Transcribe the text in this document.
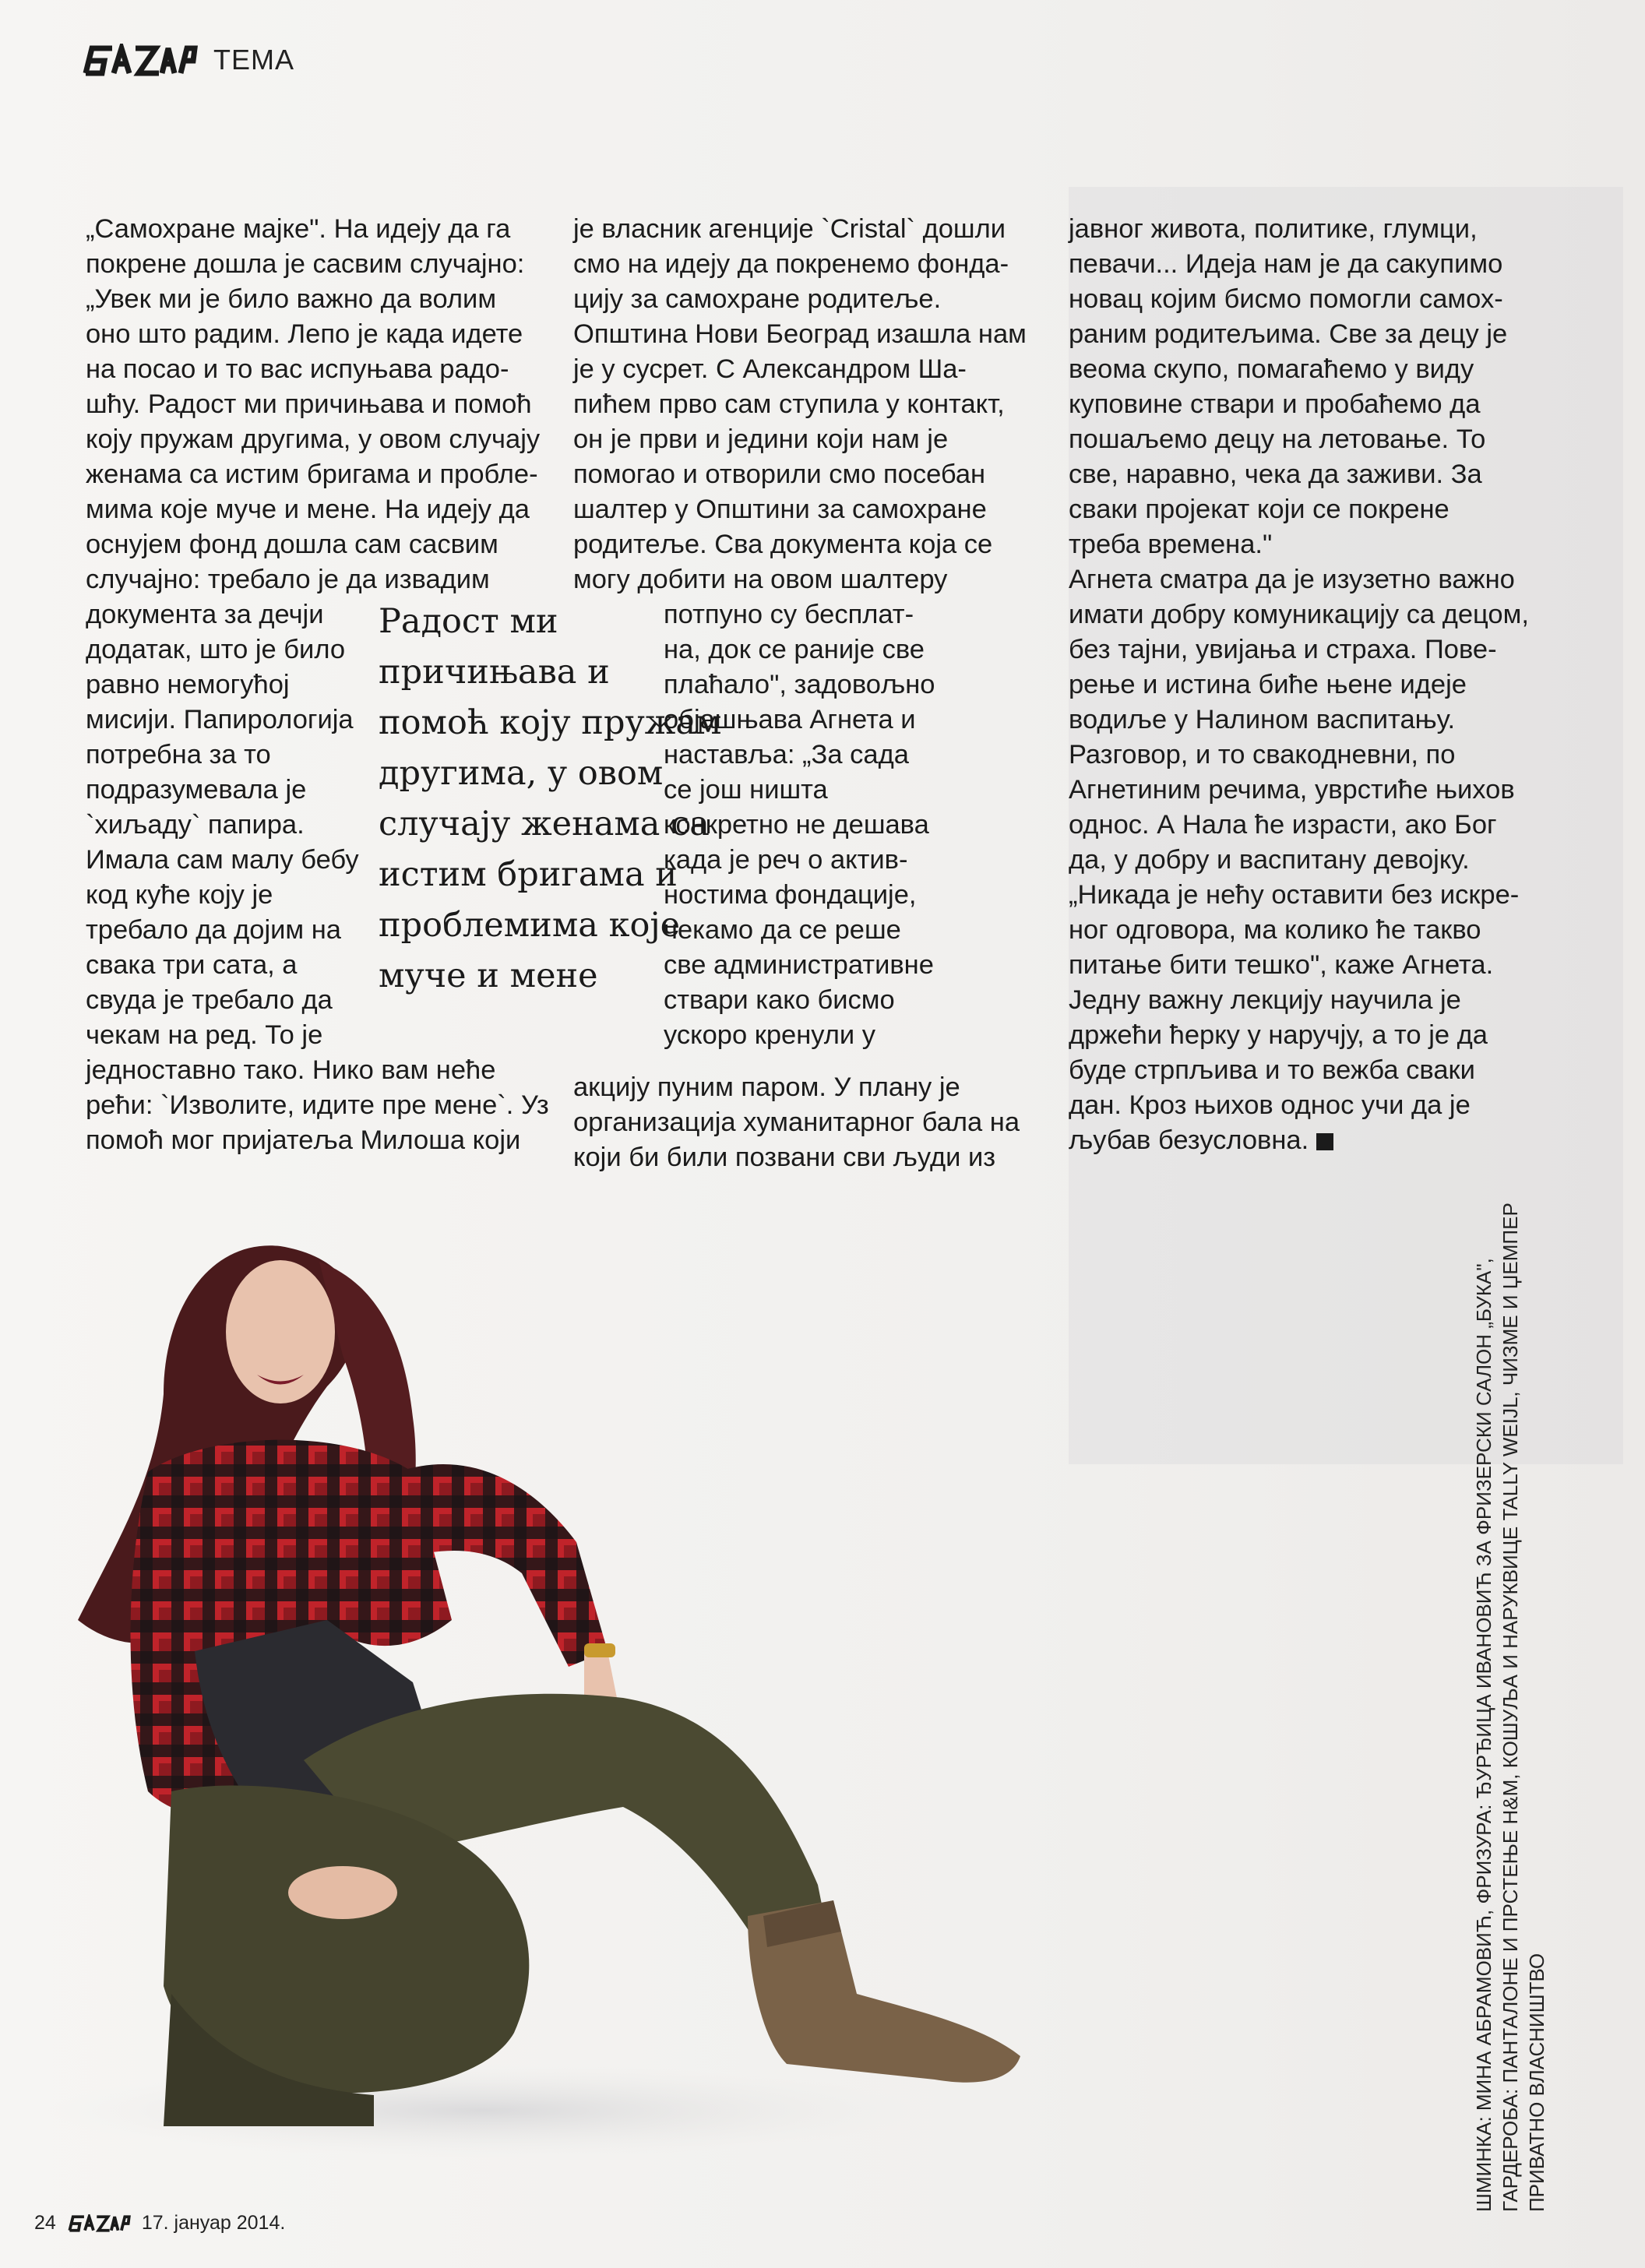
ТЕМА

„Самохране мајке". На идеју да га

покрене дошла је сасвим случајно:

„Увек ми је било важно да волим

оно што радим. Лепо је када идете

на посао и то вас испуњава радо-

шћу. Радост ми причињава и помоћ

коју пружам другима, у овом случају

женама са истим бригама и пробле-

мима које муче и мене. На идеју да

оснујем фонд дошла сам сасвим

случајно: требало је да извадим

документа за дечји

додатак, што је било

равно немогућој

мисији. Папирологија

потребна за то

подразумевала је

`хиљаду` папира.

Имала сам малу бебу

код куће коју је

требало да дојим на

свака три сата, а

свуда је требало да

чекам на ред. То је

једноставно тако. Нико вам неће

рећи: `Изволите, идите пре мене`. Уз

помоћ мог пријатеља Милоша који

је власник агенције `Cristal` дошли

смо на идеју да покренемо фонда-

цију за самохране родитеље.

Општина Нови Београд изашла нам

је у сусрет. С Александром Ша-

пићем прво сам ступила у контакт,

он је први и једини који нам је

помогао и отворили смо посебан

шалтер у Општини за самохране

родитеље. Сва документа која се

могу добити на овом шалтеру

потпуно су бесплат-

на, док се раније све

плаћало", задовољно

објашњава Агнета и

наставља: „За сада

се још ништа

конкретно не дешава

када је реч о актив-

ностима фондације,

чекамо да се реше

све административне

ствари како бисмо

ускоро кренули у

акцију пуним паром. У плану је

организација хуманитарног бала на

који би били позвани сви људи из

јавног живота, политике, глумци,

певачи... Идеја нам је да сакупимо

новац којим бисмо помогли самох-

раним родитељима. Све за децу је

веома скупо, помагаћемо у виду

куповине ствари и пробаћемо да

пошаљемо децу на летовање. То

све, наравно, чека да заживи. За

сваки пројекат који се покрене

треба времена."

Агнета сматра да је изузетно важно

имати добру комуникацију са децом,

без тајни, увијања и страха. Пове-

рење и истина биће њене идеје

водиље у Налином васпитању.

Разговор, и то свакодневни, по

Агнетиним речима, уврстиће њихов

однос. А Нала ће израсти, ако Бог

да, у добру и васпитану девојку.

„Никада је нећу оставити без искре-

ног одговора, ма колико ће такво

питање бити тешко", каже Агнета.

Једну важну лекцију научила је

држећи ћерку у наручју, а то је да

буде стрпљива и то вежба сваки

дан. Кроз њихов однос учи да је

љубав безусловна.

Радост ми

причињава и

помоћ коју пружам

другима, у овом

случају женама са

истим бригама и

проблемима које

муче и мене

ШМИНКА: МИНА АБРАМОВИЋ, ФРИЗУРА: ЂУРЂИЦА ИВАНОВИЋ ЗА ФРИЗЕРСКИ САЛОН „БУКА", ГАРДЕРОБА: ПАНТАЛОНЕ И ПРСТЕЊЕ H&M, КОШУЉА И НАРУКВИЦЕ TALLY WEIJL, ЧИЗМЕ И ЏЕМПЕР ПРИВАТНО ВЛАСНИШТВО

24	17. јануар 2014.
